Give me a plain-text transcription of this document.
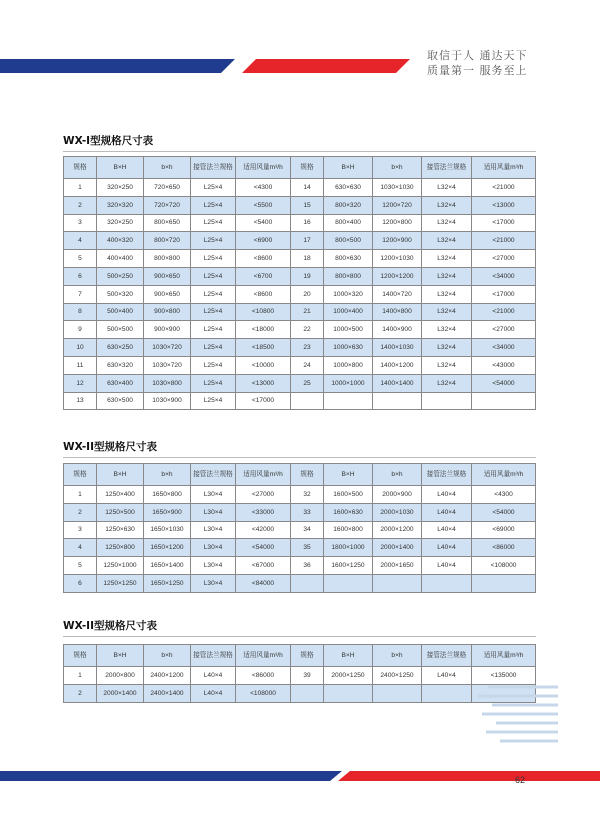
取信于人 通达天下
质量第一 服务至上
WX-I型规格尺寸表
规格	B×H	b×h	接管法兰规格	适用风量m³/h	规格	B×H	b×h	接管法兰规格	适用风量m³/h
1	320×250	720×650	L25×4	<4300	14	630×630	1030×1030	L32×4	<21000
2	320×320	720×720	L25×4	<5500	15	800×320	1200×720	L32×4	<13000
3	320×250	800×650	L25×4	<5400	16	800×400	1200×800	L32×4	<17000
4	400×320	800×720	L25×4	<6900	17	800×500	1200×900	L32×4	<21000
5	400×400	800×800	L25×4	<8600	18	800×630	1200×1030	L32×4	<27000
6	500×250	900×650	L25×4	<6700	19	800×800	1200×1200	L32×4	<34000
7	500×320	900×650	L25×4	<8600	20	1000×320	1400×720	L32×4	<17000
8	500×400	900×800	L25×4	<10800	21	1000×400	1400×800	L32×4	<21000
9	500×500	900×900	L25×4	<18000	22	1000×500	1400×900	L32×4	<27000
10	630×250	1030×720	L25×4	<18500	23	1000×630	1400×1030	L32×4	<34000
11	630×320	1030×720	L25×4	<10000	24	1000×800	1400×1200	L32×4	<43000
12	630×400	1030×800	L25×4	<13000	25	1000×1000	1400×1400	L32×4	<54000
13	630×500	1030×900	L25×4	<17000					
WX-II型规格尺寸表
规格	B×H	b×h	接管法兰规格	适用风量m³/h	规格	B×H	b×h	接管法兰规格	适用风量m³/h
1	1250×400	1650×800	L30×4	<27000	32	1600×500	2000×900	L40×4	<4300
2	1250×500	1650×900	L30×4	<33000	33	1600×630	2000×1030	L40×4	<54000
3	1250×630	1650×1030	L30×4	<42000	34	1600×800	2000×1200	L40×4	<69000
4	1250×800	1650×1200	L30×4	<54000	35	1800×1000	2000×1400	L40×4	<86000
5	1250×1000	1650×1400	L30×4	<67000	36	1600×1250	2000×1650	L40×4	<108000
6	1250×1250	1650×1250	L30×4	<84000					
WX-II型规格尺寸表
规格	B×H	b×h	接管法兰规格	适用风量m³/h	规格	B×H	b×h	接管法兰规格	适用风量m³/h
1	2000×800	2400×1200	L40×4	<86000	39	2000×1250	2400×1250	L40×4	<135000
2	2000×1400	2400×1400	L40×4	<108000					
62
